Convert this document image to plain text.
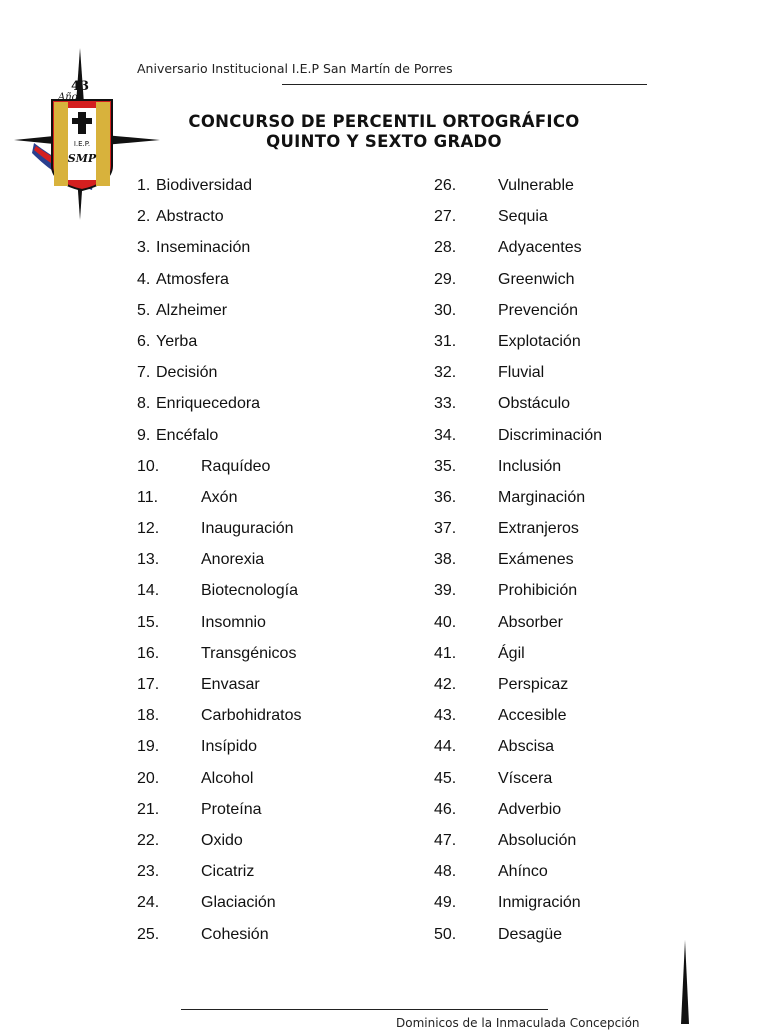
I.E.P.
SMP
43
Años
Aniversario Institucional I.E.P San Martín de Porres
CONCURSO DE PERCENTIL ORTOGRÁFICO
QUINTO Y SEXTO GRADO
1. Biodiversidad
2. Abstracto
3. Inseminación
4. Atmosfera
5. Alzheimer
6. Yerba
7. Decisión
8. Enriquecedora
9. Encéfalo
10.	Raquídeo
11.	Axón
12.	Inauguración
13.	Anorexia
14.	Biotecnología
15.	Insomnio
16.	Transgénicos
17.	Envasar
18.	Carbohidratos
19.	Insípido
20.	Alcohol
21.	Proteína
22.	Oxido
23.	Cicatriz
24.	Glaciación
25.	Cohesión
26.	Vulnerable
27.	Sequia
28.	Adyacentes
29.	Greenwich
30.	Prevención
31.	Explotación
32.	Fluvial
33.	Obstáculo
34.	Discriminación
35.	Inclusión
36.	Marginación
37.	Extranjeros
38.	Exámenes
39.	Prohibición
40.	Absorber
41.	Ágil
42.	Perspicaz
43.	Accesible
44.	Abscisa
45.	Víscera
46.	Adverbio
47.	Absolución
48.	Ahínco
49.	Inmigración
50.	Desagüe
Dominicos de la Inmaculada Concepción
